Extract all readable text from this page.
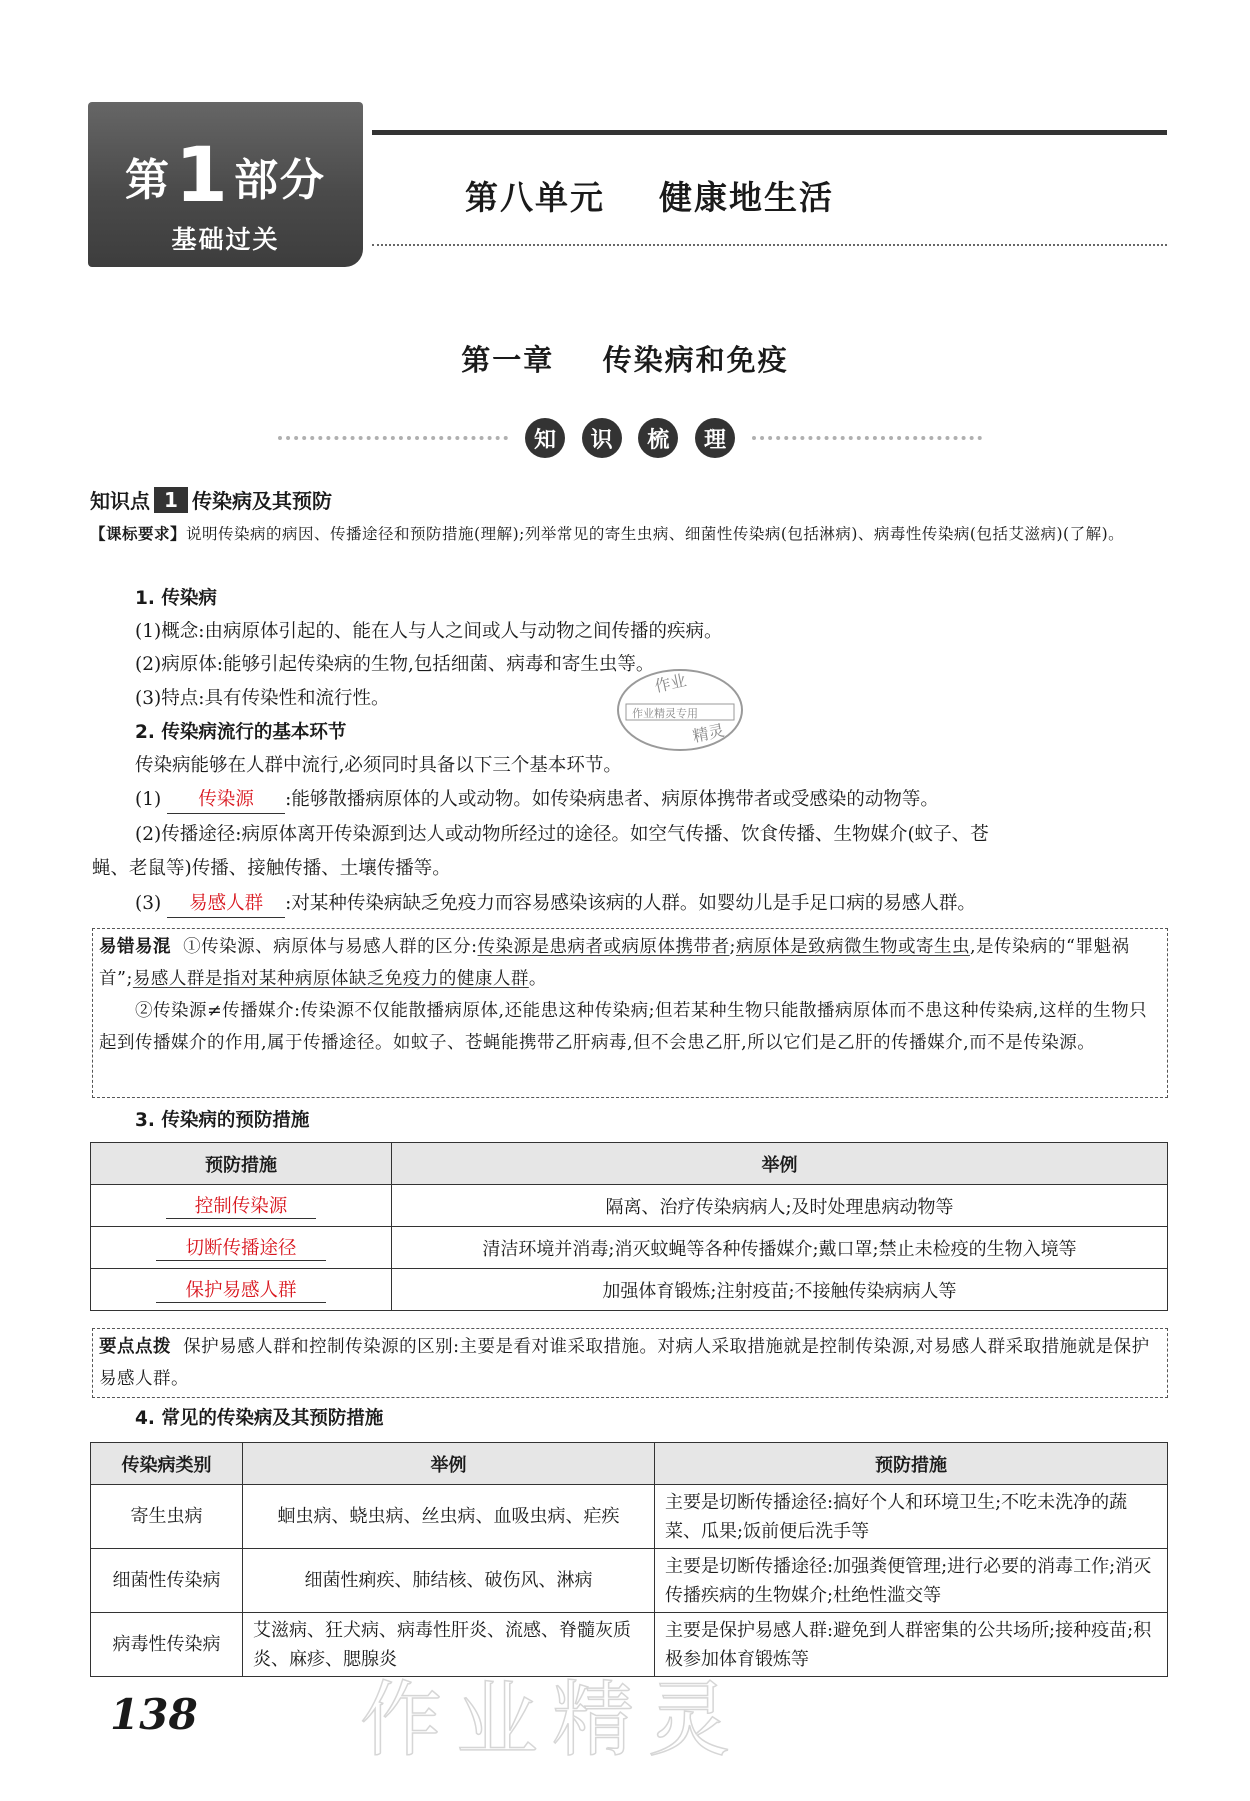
第1部分
基础过关
第八单元    健康地生活
第一章    传染病和免疫
知	识	梳	理
知识点 1 传染病及其预防
【课标要求】说明传染病的病因、传播途径和预防措施(理解);列举常见的寄生虫病、细菌性传染病(包括淋病)、病毒性传染病(包括艾滋病)(了解)。
1. 传染病
(1)概念:由病原体引起的、能在人与人之间或人与动物之间传播的疾病。
(2)病原体:能够引起传染病的生物,包括细菌、病毒和寄生虫等。
(3)特点:具有传染性和流行性。
2. 传染病流行的基本环节
传染病能够在人群中流行,必须同时具备以下三个基本环节。
(1) 传染源 :能够散播病原体的人或动物。如传染病患者、病原体携带者或受感染的动物等。
(2)传播途径:病原体离开传染源到达人或动物所经过的途径。如空气传播、饮食传播、生物媒介(蚊子、苍
蝇、老鼠等)传播、接触传播、土壤传播等。
(3) 易感人群 :对某种传染病缺乏免疫力而容易感染该病的人群。如婴幼儿是手足口病的易感人群。
作业
作业精灵专用
精灵
易错易混 ①传染源、病原体与易感人群的区分:传染源是患病者或病原体携带者;病原体是致病微生物或寄生虫,是传染病的“罪魁祸首”;易感人群是指对某种病原体缺乏免疫力的健康人群。
②传染源≠传播媒介:传染源不仅能散播病原体,还能患这种传染病;但若某种生物只能散播病原体而不患这种传染病,这样的生物只起到传播媒介的作用,属于传播途径。如蚊子、苍蝇能携带乙肝病毒,但不会患乙肝,所以它们是乙肝的传播媒介,而不是传染源。
3. 传染病的预防措施
预防措施	举例
控制传染源	隔离、治疗传染病病人;及时处理患病动物等
切断传播途径	清洁环境并消毒;消灭蚊蝇等各种传播媒介;戴口罩;禁止未检疫的生物入境等
保护易感人群	加强体育锻炼;注射疫苗;不接触传染病病人等
要点点拨 保护易感人群和控制传染源的区别:主要是看对谁采取措施。对病人采取措施就是控制传染源,对易感人群采取措施就是保护易感人群。
4. 常见的传染病及其预防措施
传染病类别	举例	预防措施
寄生虫病	蛔虫病、蛲虫病、丝虫病、血吸虫病、疟疾	主要是切断传播途径:搞好个人和环境卫生;不吃未洗净的蔬菜、瓜果;饭前便后洗手等
细菌性传染病	细菌性痢疾、肺结核、破伤风、淋病	主要是切断传播途径:加强粪便管理;进行必要的消毒工作;消灭传播疾病的生物媒介;杜绝性滥交等
病毒性传染病	艾滋病、狂犬病、病毒性肝炎、流感、脊髓灰质炎、麻疹、腮腺炎	主要是保护易感人群:避免到人群密集的公共场所;接种疫苗;积极参加体育锻炼等
138 作业精灵
